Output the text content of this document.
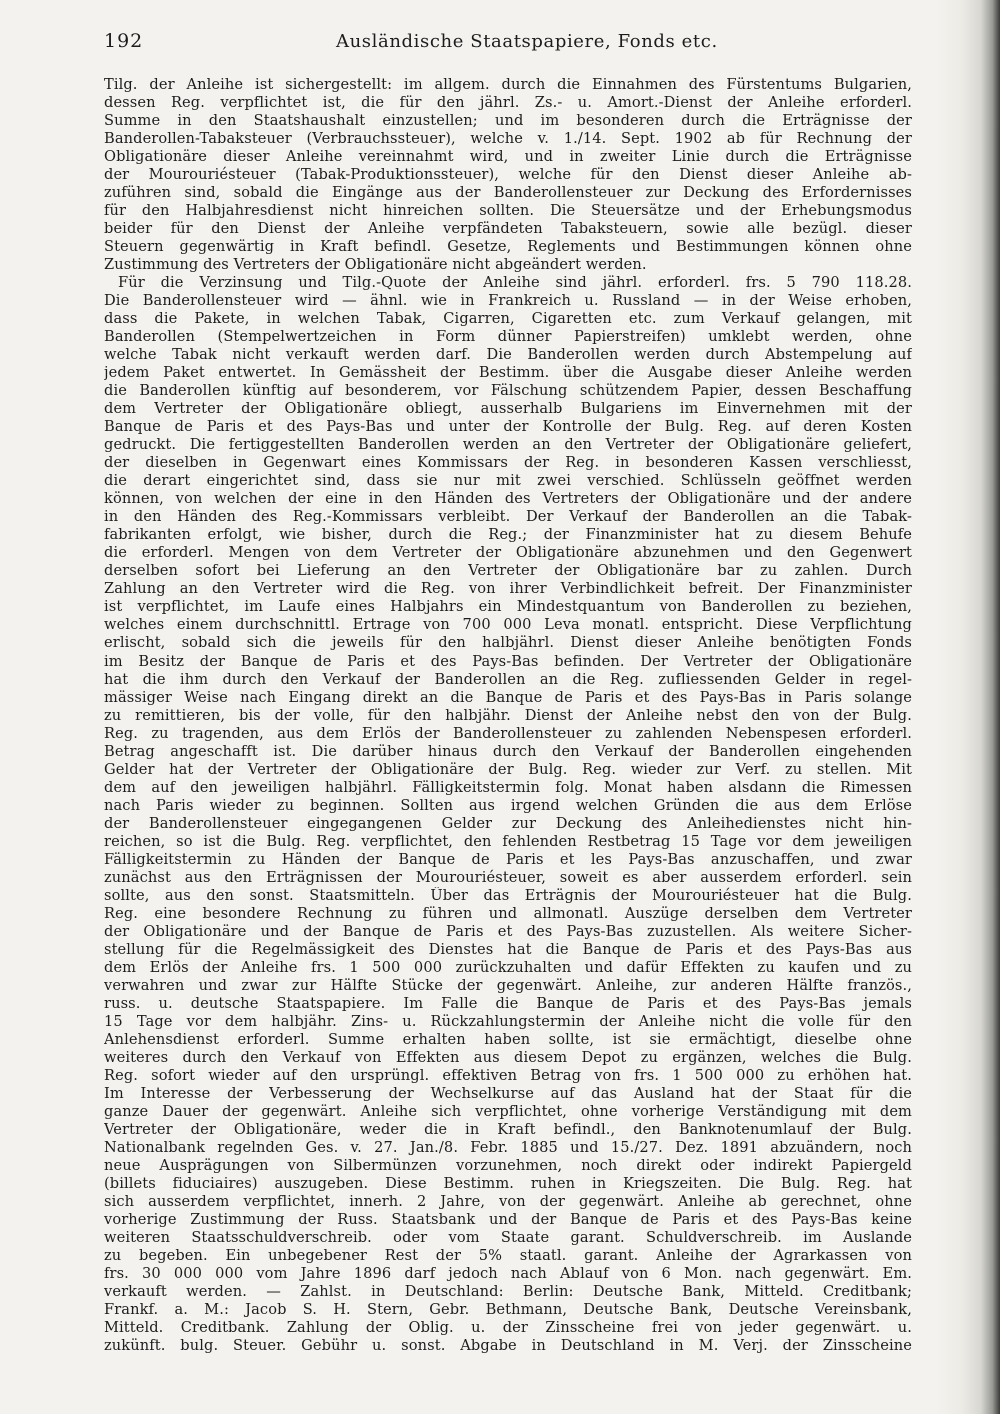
192	Ausländische Staatspapiere, Fonds etc.
Tilg. der Anleihe ist sichergestellt: im allgem. durch die Einnahmen des Fürstentums Bulgarien,
dessen Reg. verpflichtet ist, die für den jährl. Zs.- u. Amort.-Dienst der Anleihe erforderl.
Summe in den Staatshaushalt einzustellen; und im besonderen durch die Erträgnisse der
Banderollen-Tabaksteuer (Verbrauchssteuer), welche v. 1./14. Sept. 1902 ab für Rechnung der
Obligationäre dieser Anleihe vereinnahmt wird, und in zweiter Linie durch die Erträgnisse
der Mourouriésteuer (Tabak-Produktionssteuer), welche für den Dienst dieser Anleihe ab-
zuführen sind, sobald die Eingänge aus der Banderollensteuer zur Deckung des Erfordernisses
für den Halbjahresdienst nicht hinreichen sollten. Die Steuersätze und der Erhebungsmodus
beider für den Dienst der Anleihe verpfändeten Tabaksteuern, sowie alle bezügl. dieser
Steuern gegenwärtig in Kraft befindl. Gesetze, Reglements und Bestimmungen können ohne
Zustimmung des Vertreters der Obligationäre nicht abgeändert werden.
Für die Verzinsung und Tilg.-Quote der Anleihe sind jährl. erforderl. frs. 5 790 118.28.
Die Banderollensteuer wird — ähnl. wie in Frankreich u. Russland — in der Weise erhoben,
dass die Pakete, in welchen Tabak, Cigarren, Cigaretten etc. zum Verkauf gelangen, mit
Banderollen (Stempelwertzeichen in Form dünner Papierstreifen) umklebt werden, ohne
welche Tabak nicht verkauft werden darf. Die Banderollen werden durch Abstempelung auf
jedem Paket entwertet. In Gemässheit der Bestimm. über die Ausgabe dieser Anleihe werden
die Banderollen künftig auf besonderem, vor Fälschung schützendem Papier, dessen Beschaffung
dem Vertreter der Obligationäre obliegt, ausserhalb Bulgariens im Einvernehmen mit der
Banque de Paris et des Pays-Bas und unter der Kontrolle der Bulg. Reg. auf deren Kosten
gedruckt. Die fertiggestellten Banderollen werden an den Vertreter der Obligationäre geliefert,
der dieselben in Gegenwart eines Kommissars der Reg. in besonderen Kassen verschliesst,
die derart eingerichtet sind, dass sie nur mit zwei verschied. Schlüsseln geöffnet werden
können, von welchen der eine in den Händen des Vertreters der Obligationäre und der andere
in den Händen des Reg.-Kommissars verbleibt. Der Verkauf der Banderollen an die Tabak-
fabrikanten erfolgt, wie bisher, durch die Reg.; der Finanzminister hat zu diesem Behufe
die erforderl. Mengen von dem Vertreter der Obligationäre abzunehmen und den Gegenwert
derselben sofort bei Lieferung an den Vertreter der Obligationäre bar zu zahlen. Durch
Zahlung an den Vertreter wird die Reg. von ihrer Verbindlichkeit befreit. Der Finanzminister
ist verpflichtet, im Laufe eines Halbjahrs ein Mindestquantum von Banderollen zu beziehen,
welches einem durchschnittl. Ertrage von 700 000 Leva monatl. entspricht. Diese Verpflichtung
erlischt, sobald sich die jeweils für den halbjährl. Dienst dieser Anleihe benötigten Fonds
im Besitz der Banque de Paris et des Pays-Bas befinden. Der Vertreter der Obligationäre
hat die ihm durch den Verkauf der Banderollen an die Reg. zufliessenden Gelder in regel-
mässiger Weise nach Eingang direkt an die Banque de Paris et des Pays-Bas in Paris solange
zu remittieren, bis der volle, für den halbjähr. Dienst der Anleihe nebst den von der Bulg.
Reg. zu tragenden, aus dem Erlös der Banderollensteuer zu zahlenden Nebenspesen erforderl.
Betrag angeschafft ist. Die darüber hinaus durch den Verkauf der Banderollen eingehenden
Gelder hat der Vertreter der Obligationäre der Bulg. Reg. wieder zur Verf. zu stellen. Mit
dem auf den jeweiligen halbjährl. Fälligkeitstermin folg. Monat haben alsdann die Rimessen
nach Paris wieder zu beginnen. Sollten aus irgend welchen Gründen die aus dem Erlöse
der Banderollensteuer eingegangenen Gelder zur Deckung des Anleihedienstes nicht hin-
reichen, so ist die Bulg. Reg. verpflichtet, den fehlenden Restbetrag 15 Tage vor dem jeweiligen
Fälligkeitstermin zu Händen der Banque de Paris et les Pays-Bas anzuschaffen, und zwar
zunächst aus den Erträgnissen der Mourouriésteuer, soweit es aber ausserdem erforderl. sein
sollte, aus den sonst. Staatsmitteln. Über das Erträgnis der Mourouriésteuer hat die Bulg.
Reg. eine besondere Rechnung zu führen und allmonatl. Auszüge derselben dem Vertreter
der Obligationäre und der Banque de Paris et des Pays-Bas zuzustellen. Als weitere Sicher-
stellung für die Regelmässigkeit des Dienstes hat die Banque de Paris et des Pays-Bas aus
dem Erlös der Anleihe frs. 1 500 000 zurückzuhalten und dafür Effekten zu kaufen und zu
verwahren und zwar zur Hälfte Stücke der gegenwärt. Anleihe, zur anderen Hälfte französ.,
russ. u. deutsche Staatspapiere. Im Falle die Banque de Paris et des Pays-Bas jemals
15 Tage vor dem halbjähr. Zins- u. Rückzahlungstermin der Anleihe nicht die volle für den
Anlehensdienst erforderl. Summe erhalten haben sollte, ist sie ermächtigt, dieselbe ohne
weiteres durch den Verkauf von Effekten aus diesem Depot zu ergänzen, welches die Bulg.
Reg. sofort wieder auf den ursprüngl. effektiven Betrag von frs. 1 500 000 zu erhöhen hat.
Im Interesse der Verbesserung der Wechselkurse auf das Ausland hat der Staat für die
ganze Dauer der gegenwärt. Anleihe sich verpflichtet, ohne vorherige Verständigung mit dem
Vertreter der Obligationäre, weder die in Kraft befindl., den Banknotenumlauf der Bulg.
Nationalbank regelnden Ges. v. 27. Jan./8. Febr. 1885 und 15./27. Dez. 1891 abzuändern, noch
neue Ausprägungen von Silbermünzen vorzunehmen, noch direkt oder indirekt Papiergeld
(billets fiduciaires) auszugeben. Diese Bestimm. ruhen in Kriegszeiten. Die Bulg. Reg. hat
sich ausserdem verpflichtet, innerh. 2 Jahre, von der gegenwärt. Anleihe ab gerechnet, ohne
vorherige Zustimmung der Russ. Staatsbank und der Banque de Paris et des Pays-Bas keine
weiteren Staatsschuldverschreib. oder vom Staate garant. Schuldverschreib. im Auslande
zu begeben. Ein unbegebener Rest der 5% staatl. garant. Anleihe der Agrarkassen von
frs. 30 000 000 vom Jahre 1896 darf jedoch nach Ablauf von 6 Mon. nach gegenwärt. Em.
verkauft werden. — Zahlst. in Deutschland: Berlin: Deutsche Bank, Mitteld. Creditbank;
Frankf. a. M.: Jacob S. H. Stern, Gebr. Bethmann, Deutsche Bank, Deutsche Vereinsbank,
Mitteld. Creditbank. Zahlung der Oblig. u. der Zinsscheine frei von jeder gegenwärt. u.
zukünft. bulg. Steuer. Gebühr u. sonst. Abgabe in Deutschland in M. Verj. der Zinsscheine
